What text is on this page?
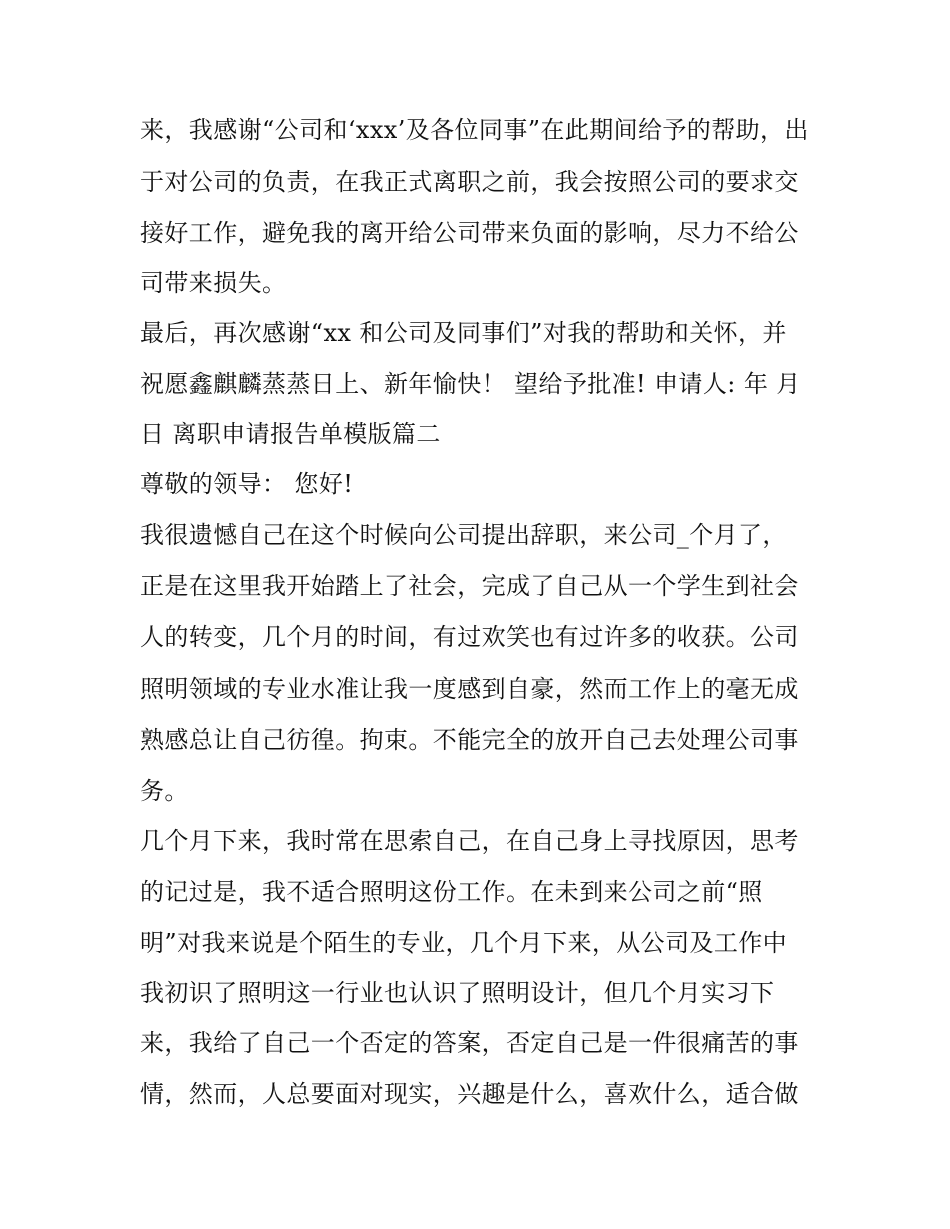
来，我感谢“公司和‘xxx’及各位同事”在此期间给予的帮助，出
于对公司的负责，在我正式离职之前，我会按照公司的要求交
接好工作，避免我的离开给公司带来负面的影响，尽力不给公
司带来损失。
最后，再次感谢“xx 和公司及同事们”对我的帮助和关怀，并
祝愿鑫麒麟蒸蒸日上、新年愉快！ 望给予批准! 申请人: 年 月
日 离职申请报告单模版篇二
尊敬的领导： 您好!
我很遗憾自己在这个时候向公司提出辞职，来公司_个月了，
正是在这里我开始踏上了社会，完成了自己从一个学生到社会
人的转变，几个月的时间，有过欢笑也有过许多的收获。公司
照明领域的专业水准让我一度感到自豪，然而工作上的毫无成
熟感总让自己彷徨。拘束。不能完全的放开自己去处理公司事
务。
几个月下来，我时常在思索自己，在自己身上寻找原因，思考
的记过是，我不适合照明这份工作。在未到来公司之前“照
明”对我来说是个陌生的专业，几个月下来，从公司及工作中
我初识了照明这一行业也认识了照明设计，但几个月实习下
来，我给了自己一个否定的答案，否定自己是一件很痛苦的事
情，然而，人总要面对现实，兴趣是什么，喜欢什么，适合做
